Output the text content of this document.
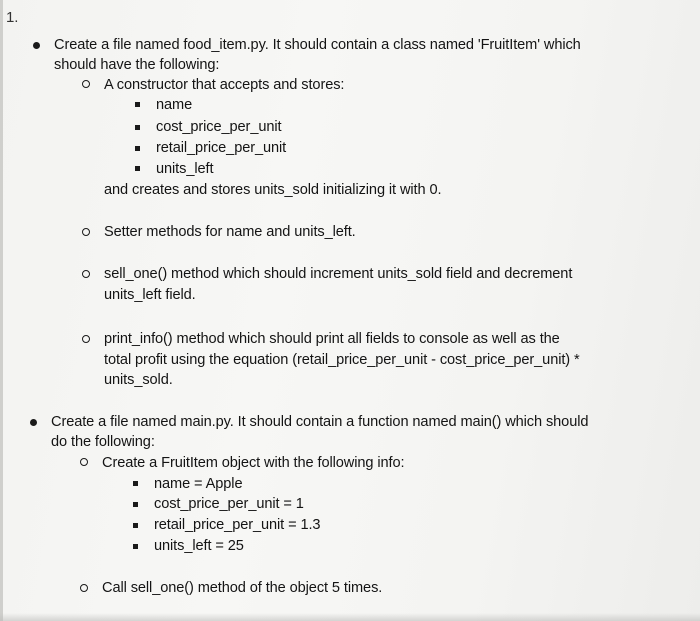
1.
Create a file named food_item.py. It should contain a class named 'FruitItem' which
should have the following:
A constructor that accepts and stores:
name
cost_price_per_unit
retail_price_per_unit
units_left
and creates and stores units_sold initializing it with 0.
Setter methods for name and units_left.
sell_one() method which should increment units_sold field and decrement
units_left field.
print_info() method which should print all fields to console as well as the
total profit using the equation (retail_price_per_unit - cost_price_per_unit) *
units_sold.
Create a file named main.py. It should contain a function named main() which should
do the following:
Create a FruitItem object with the following info:
name = Apple
cost_price_per_unit = 1
retail_price_per_unit = 1.3
units_left = 25
Call sell_one() method of the object 5 times.
